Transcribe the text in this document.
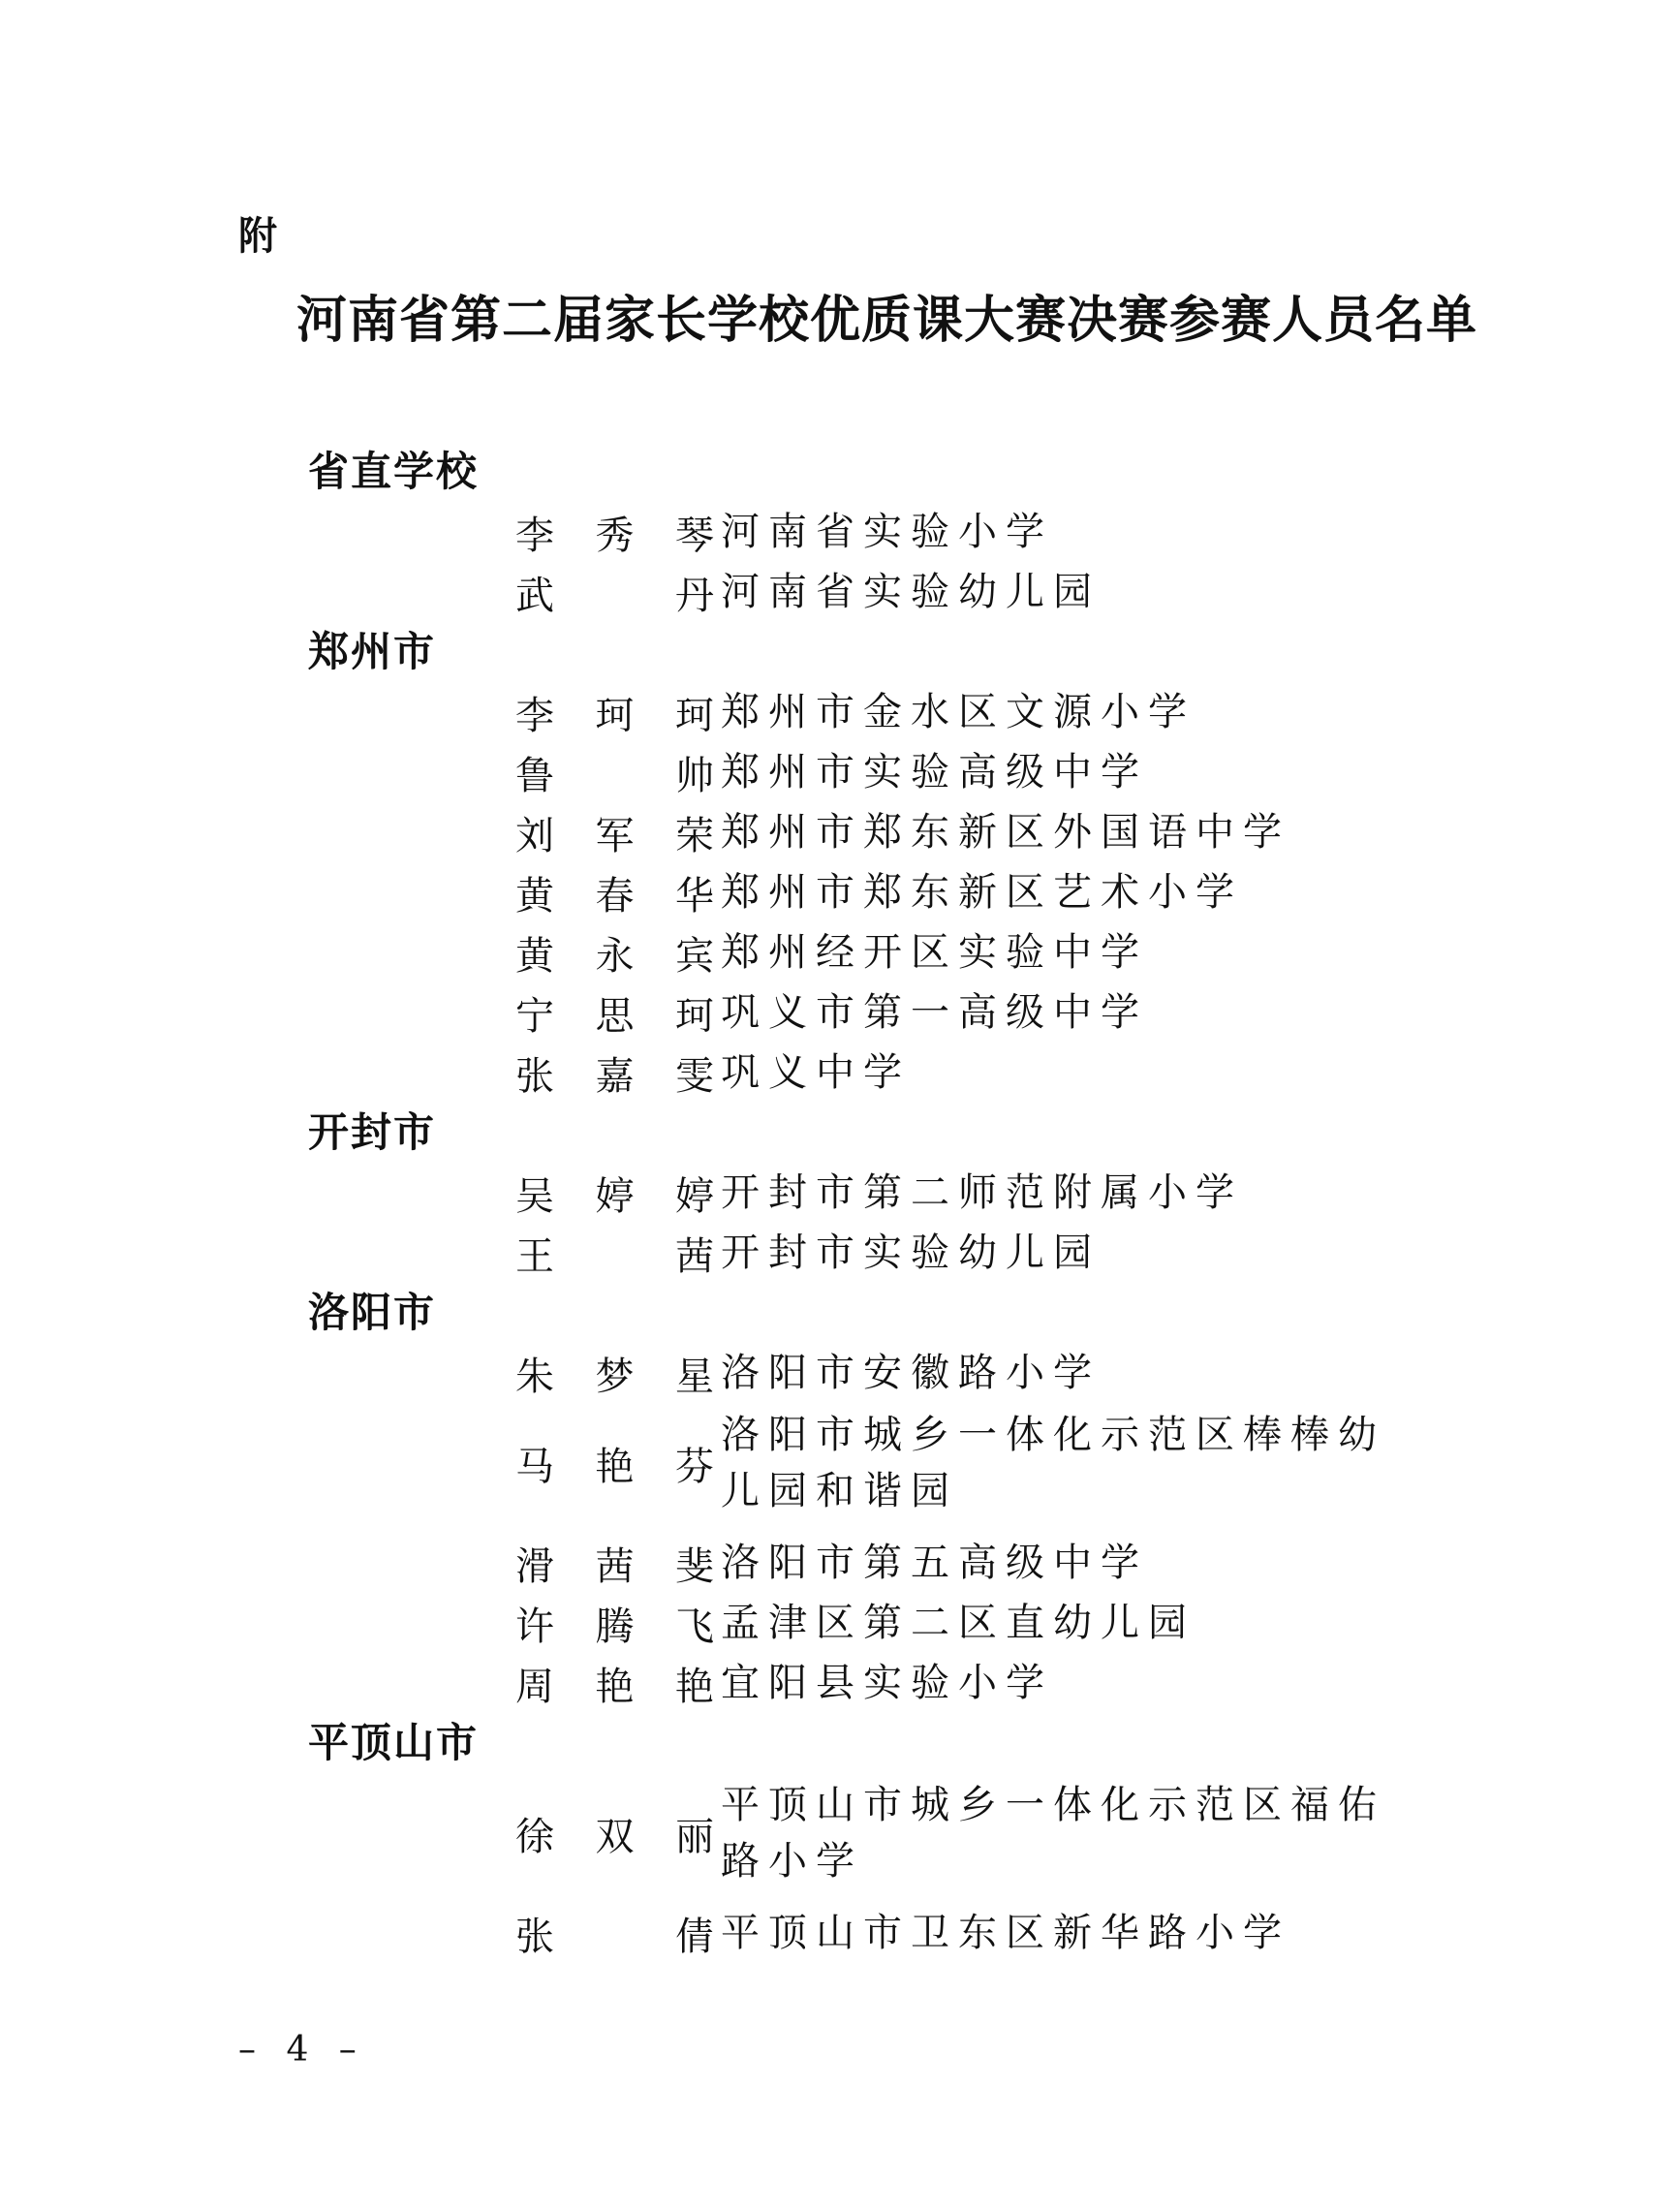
附
河南省第二届家长学校优质课大赛决赛参赛人员名单
省直学校
李秀琴 河南省实验小学
武　丹 河南省实验幼儿园
郑州市
李珂珂 郑州市金水区文源小学
鲁　帅 郑州市实验高级中学
刘军荣 郑州市郑东新区外国语中学
黄春华 郑州市郑东新区艺术小学
黄永宾 郑州经开区实验中学
宁思珂 巩义市第一高级中学
张嘉雯 巩义中学
开封市
吴婷婷 开封市第二师范附属小学
王　茜 开封市实验幼儿园
洛阳市
朱梦星 洛阳市安徽路小学
马艳芬
洛阳市城乡一体化示范区棒棒幼儿园和谐园
滑茜斐 洛阳市第五高级中学
许腾飞 孟津区第二区直幼儿园
周艳艳 宜阳县实验小学
平顶山市
徐双丽
平顶山市城乡一体化示范区福佑路小学
张　倩 平顶山市卫东区新华路小学
– 4 –
